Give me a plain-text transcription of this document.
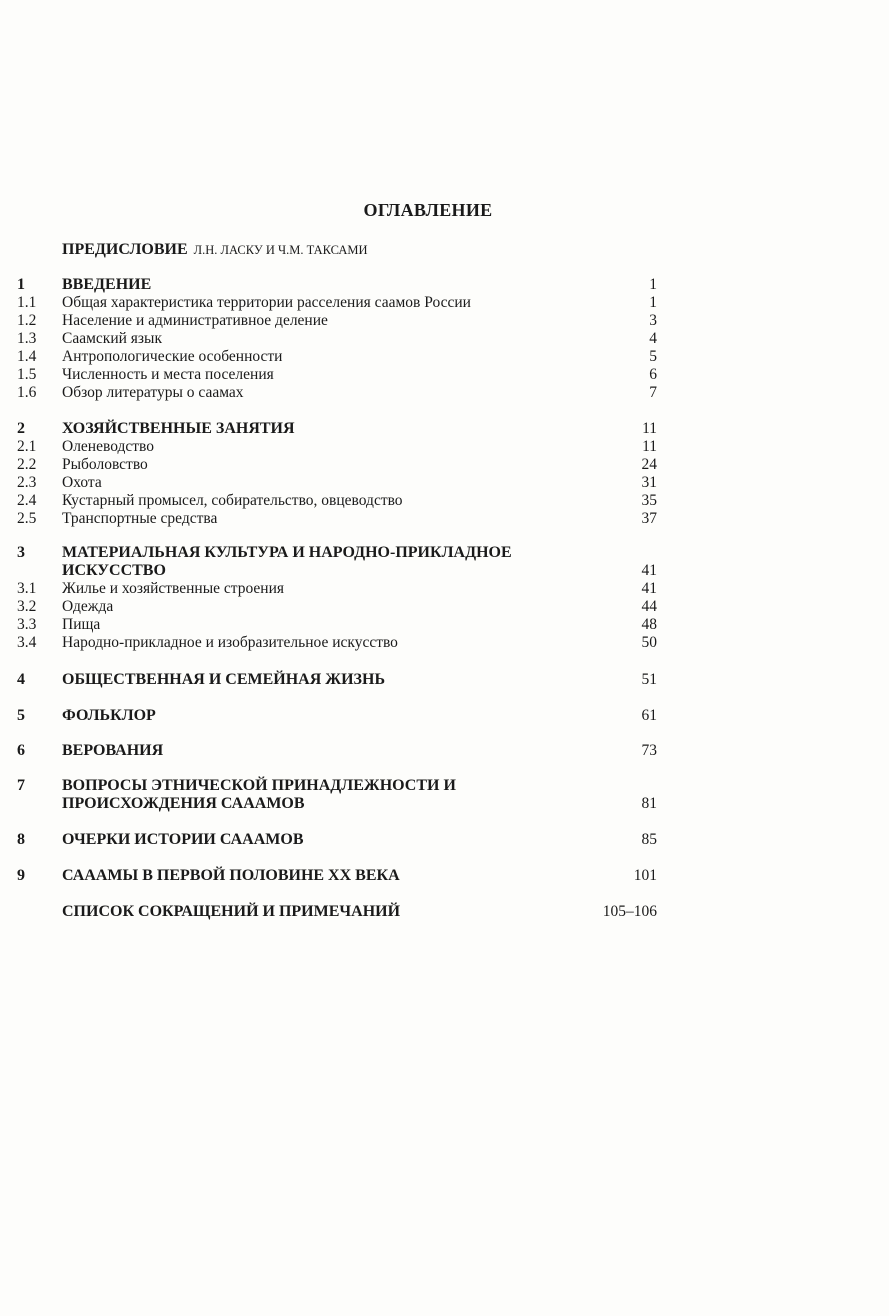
ОГЛАВЛЕНИЕ
ПРЕДИСЛОВИЕ Л.Н. ЛАСКУ И Ч.М. ТАКСАМИ
1 ВВЕДЕНИЕ	1
1.1 Общая характеристика территории расселения саамов России	1
1.2 Население и административное деление	3
1.3 Саамский язык	4
1.4 Антропологические особенности	5
1.5 Численность и места поселения	6
1.6 Обзор литературы о саамах	7
2 ХОЗЯЙСТВЕННЫЕ ЗАНЯТИЯ	11
2.1 Оленеводство	11
2.2 Рыболовство	24
2.3 Охота	31
2.4 Кустарный промысел, собирательство, овцеводство	35
2.5 Транспортные средства	37
3 МАТЕРИАЛЬНАЯ КУЛЬТУРА И НАРОДНО-ПРИКЛАДНОЕ
ИСКУССТВО	41
3.1 Жилье и хозяйственные строения	41
3.2 Одежда	44
3.3 Пища	48
3.4 Народно-прикладное и изобразительное искусство	50
4 ОБЩЕСТВЕННАЯ И СЕМЕЙНАЯ ЖИЗНЬ	51
5 ФОЛЬКЛОР	61
6 ВЕРОВАНИЯ	73
7 ВОПРОСЫ ЭТНИЧЕСКОЙ ПРИНАДЛЕЖНОСТИ И
ПРОИСХОЖДЕНИЯ САААМОВ	81
8 ОЧЕРКИ ИСТОРИИ САААМОВ	85
9 САААМЫ В ПЕРВОЙ ПОЛОВИНЕ ХХ ВЕКА	101
СПИСОК СОКРАЩЕНИЙ И ПРИМЕЧАНИЙ	105–106
